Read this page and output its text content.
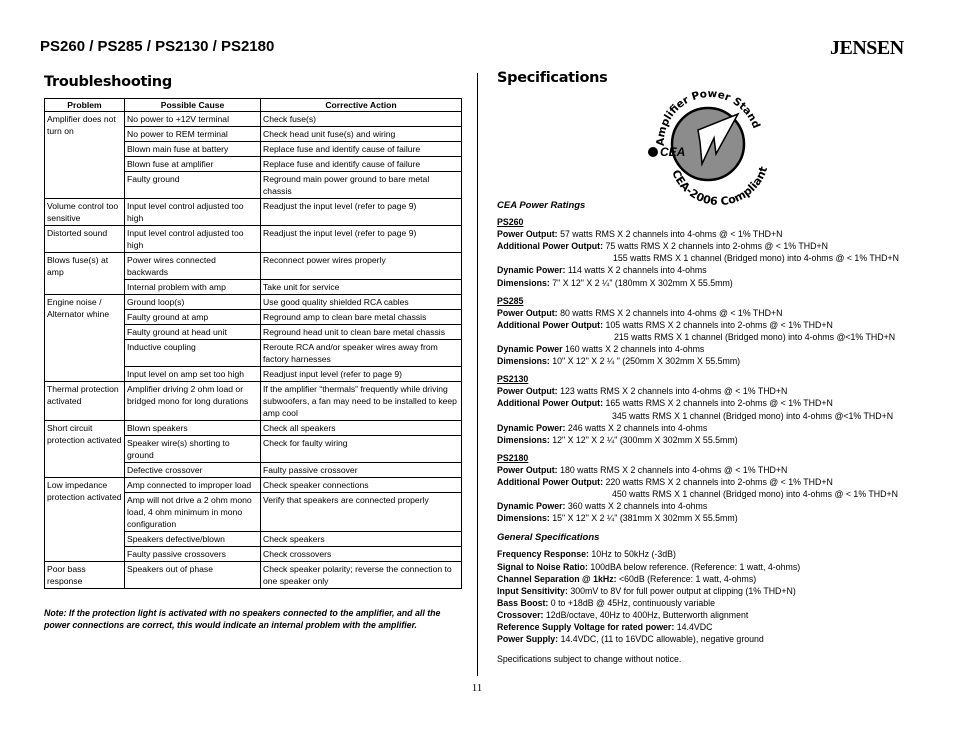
PS260 / PS285 / PS2130 / PS2180	JENSEN
Troubleshooting
Problem	Possible Cause	Corrective Action
Amplifier does not turn on	No power to +12V terminal	Check fuse(s)
	No power to REM terminal	Check head unit fuse(s) and wiring
	Blown main fuse at battery	Replace fuse and identify cause of failure
	Blown fuse at amplifier	Replace fuse and identify cause of failure
	Faulty ground	Reground main power ground to bare metal chassis
Volume control too sensitive	Input level control adjusted too high	Readjust the input level (refer to page 9)
Distorted sound	Input level control adjusted too high	Readjust the input level (refer to page 9)
Blows fuse(s) at amp	Power wires connected backwards	Reconnect power wires properly
	Internal problem with amp	Take unit for service
Engine noise / Alternator whine	Ground loop(s)	Use good quality shielded RCA cables
	Faulty ground at amp	Reground amp to clean bare metal chassis
	Faulty ground at head unit	Reground head unit to clean bare metal chassis
	Inductive coupling	Reroute RCA and/or speaker wires away from factory harnesses
	Input level on amp set too high	Readjust input level (refer to page 9)
Thermal protection activated	Amplifier driving 2 ohm load or bridged mono for long durations	If the amplifier “thermals” frequently while driving subwoofers, a fan may need to be installed to keep amp cool
Short circuit protection activated	Blown speakers	Check all speakers
	Speaker wire(s) shorting to ground	Check for faulty wiring
	Defective crossover	Faulty passive crossover
Low impedance protection activated	Amp connected to improper load	Check speaker connections
	Amp will not drive a 2 ohm mono load, 4 ohm minimum in mono configuration	Verify that speakers are connected properly
	Speakers defective/blown	Check speakers
	Faulty passive crossovers	Check crossovers
Poor bass response	Speakers out of phase	Check speaker polarity; reverse the connection to one speaker only
Note: If the protection light is activated with no speakers connected to the amplifier, and all the power connections are correct, this would indicate an internal problem with the amplifier.
Specifications
CEA
Amplifier Power Stand
CEA-2006 Compliant
CEA Power Ratings
PS260
Power Output: 57 watts RMS X 2 channels into 4-ohms @ < 1% THD+N
Additional Power Output: 75 watts RMS X 2 channels into 2-ohms @ < 1% THD+N
155 watts RMS X 1 channel (Bridged mono) into 4-ohms @ < 1% THD+N
Dynamic Power: 114 watts X 2 channels into 4-ohms
Dimensions: 7" X 12" X 2 ¼" (180mm X 302mm X 55.5mm)
PS285
Power Output: 80 watts RMS X 2 channels into 4-ohms @ < 1% THD+N
Additional Power Output: 105 watts RMS X 2 channels into 2-ohms @ < 1% THD+N
215 watts RMS X 1 channel (Bridged mono) into 4-ohms @<1% THD+N
Dynamic Power 160 watts X 2 channels into 4-ohms
Dimensions: 10" X 12" X 2 ¼ " (250mm X 302mm X 55.5mm)
PS2130
Power Output: 123 watts RMS X 2 channels into 4-ohms @ < 1% THD+N
Additional Power Output: 165 watts RMS X 2 channels into 2-ohms @ < 1% THD+N
345 watts RMS X 1 channel (Bridged mono) into 4-ohms @<1% THD+N
Dynamic Power: 246 watts X 2 channels into 4-ohms
Dimensions: 12" X 12" X 2 ¼" (300mm X 302mm X 55.5mm)
PS2180
Power Output: 180 watts RMS X 2 channels into 4-ohms @ < 1% THD+N
Additional Power Output: 220 watts RMS X 2 channels into 2-ohms @ < 1% THD+N
450 watts RMS X 1 channel (Bridged mono) into 4-ohms @ < 1% THD+N
Dynamic Power: 360 watts X 2 channels into 4-ohms
Dimensions: 15" X 12" X 2 ¼" (381mm X 302mm X 55.5mm)
General Specifications
Frequency Response: 10Hz to 50kHz (-3dB)
Signal to Noise Ratio: 100dBA below reference. (Reference: 1 watt, 4-ohms)
Channel Separation @ 1kHz: <60dB (Reference: 1 watt, 4-ohms)
Input Sensitivity: 300mV to 8V for full power output at clipping (1% THD+N)
Bass Boost: 0 to +18dB @ 45Hz, continuously variable
Crossover: 12dB/octave, 40Hz to 400Hz, Butterworth alignment
Reference Supply Voltage for rated power: 14.4VDC
Power Supply: 14.4VDC, (11 to 16VDC allowable), negative ground
Specifications subject to change without notice.
11
